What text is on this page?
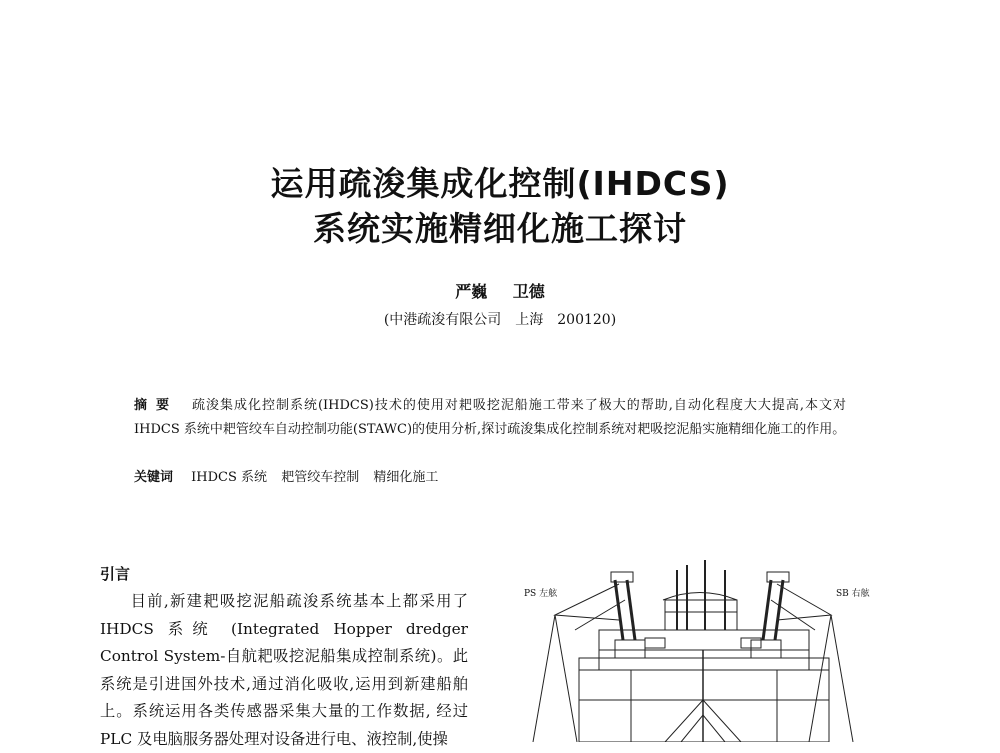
运用疏浚集成化控制(IHDCS)
系统实施精细化施工探讨
严巍 卫德
(中港疏浚有限公司　上海　200120)
摘要 疏浚集成化控制系统(IHDCS)技术的使用对耙吸挖泥船施工带来了极大的帮助,自动化程度大大提高,本文对 IHDCS 系统中耙管绞车自动控制功能(STAWC)的使用分析,探讨疏浚集成化控制系统对耙吸挖泥船实施精细化施工的作用。
关键词 IHDCS 系统 耙管绞车控制 精细化施工
引言
目前,新建耙吸挖泥船疏浚系统基本上都采用了 IHDCS 系统 (Integrated Hopper dredger Control System-自航耙吸挖泥船集成控制系统)。此系统是引进国外技术,通过消化吸收,运用到新建船舶上。系统运用各类传感器采集大量的工作数据, 经过 PLC 及电脑服务器处理对设备进行电、液控制,使操
PS 左舷	SB 右舷
